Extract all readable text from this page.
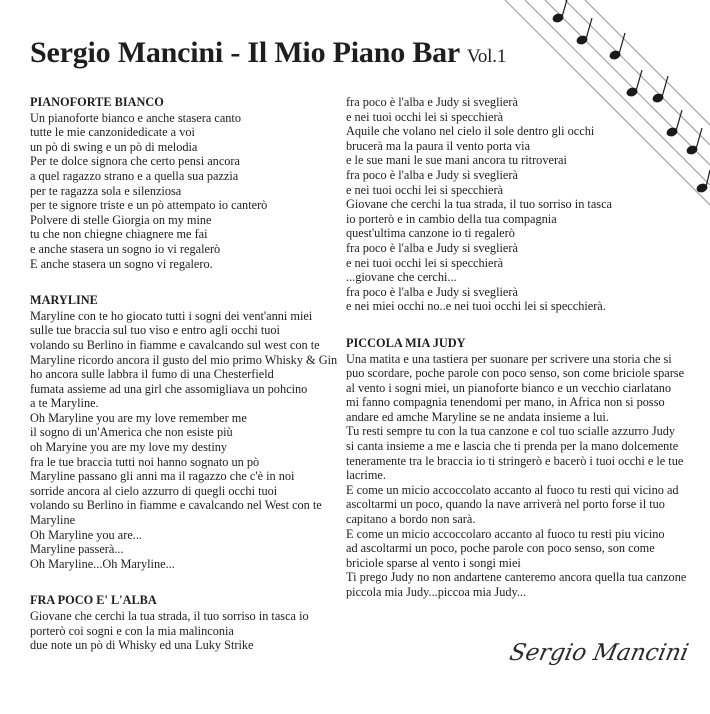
Sergio Mancini - Il Mio Piano Bar Vol.1
PIANOFORTE BIANCO
Un pianoforte bianco e anche stasera canto
tutte le mie canzonidedicate a voi
un pò di swing e un pò di melodia
Per te dolce signora che certo pensi ancora
a quel ragazzo strano e a quella sua pazzia
per te ragazza sola e silenziosa
per te signore triste e un pò attempato io canterò
Polvere di stelle Giorgia on my mine
tu che non chiegne chiagnere me fai
e anche stasera un sogno io vi regalerò
E anche stasera un sogno vi regalero.
MARYLINE
Maryline con te ho giocato tutti i sogni dei vent'anni miei
sulle tue braccia sul tuo viso e entro agli occhi tuoi
volando su Berlino in fiamme e cavalcando sul west con te
Maryline ricordo ancora il gusto del mio primo Whisky & Gin
ho ancora sulle labbra il fumo di una Chesterfield
fumata assieme ad una girl che assomigliava un pohcino
a te Maryline.
Oh Maryline you are my love remember me
il sogno di un'America che non esiste più
oh Maryine you are my love my destiny
fra le tue braccia tutti noi hanno sognato un pò
Maryline passano gli anni ma il ragazzo che c'è in noi
sorride ancora al cielo azzurro di quegli occhi tuoi
volando su Berlino in fiamme e cavalcando nel West con te
Maryline
Oh Maryline you are...
Maryline passerà...
Oh Maryline...Oh Maryline...
FRA POCO E' L'ALBA
Giovane che cerchi la tua strada, il tuo sorriso in tasca io
porterò coi sogni e con la mia malinconia
due note un pò di Whisky ed una Luky Strike
fra poco è l'alba e Judy si sveglierà
e nei tuoi occhi lei si specchierà
Aquile che volano nel cielo il sole dentro gli occhi
brucerà ma la paura il vento porta via
e le sue mani le sue mani ancora tu ritroverai
fra poco è l'alba e Judy si sveglierà
e nei tuoi occhi lei si specchierà
Giovane che cerchi la tua strada, il tuo sorriso in tasca
io porterò e in cambio della tua compagnia
quest'ultima canzone io ti regalerò
fra poco è l'alba e Judy si sveglierà
e nei tuoi occhi lei si specchierà
...giovane che cerchi...
fra poco è l'alba e Judy si sveglierà
e nei miei occhi no..e nei tuoi occhi lei si specchierà.
PICCOLA MIA JUDY
Una matita e una tastiera per suonare per scrivere una storia che si
puo scordare, poche parole con poco senso, son come briciole sparse
al vento i sogni miei, un pianoforte bianco e un vecchio ciarlatano
mi fanno compagnia tenendomi per mano, in Africa non si posso
andare ed amche Maryline se ne andata insieme a lui.
Tu resti sempre tu con la tua canzone e col tuo scialle azzurro Judy
si canta insieme a me e lascia che ti prenda per la mano dolcemente
teneramente tra le braccia io ti stringerò e bacerò i tuoi occhi e le tue
lacrime.
E come un micio accoccolato accanto al fuoco tu resti qui vicino ad
ascoltarmi un poco, quando la nave arriverà nel porto forse il tuo
capitano a bordo non sarà.
E come un micio accoccolaro accanto al fuoco tu resti piu vicino
ad ascoltarmi un poco, poche parole con poco senso, son come
briciole sparse al vento i songi miei
Ti prego Judy no non andartene canteremo ancora quella tua canzone
piccola mia Judy...piccoa mia Judy...
Sergio Mancini
